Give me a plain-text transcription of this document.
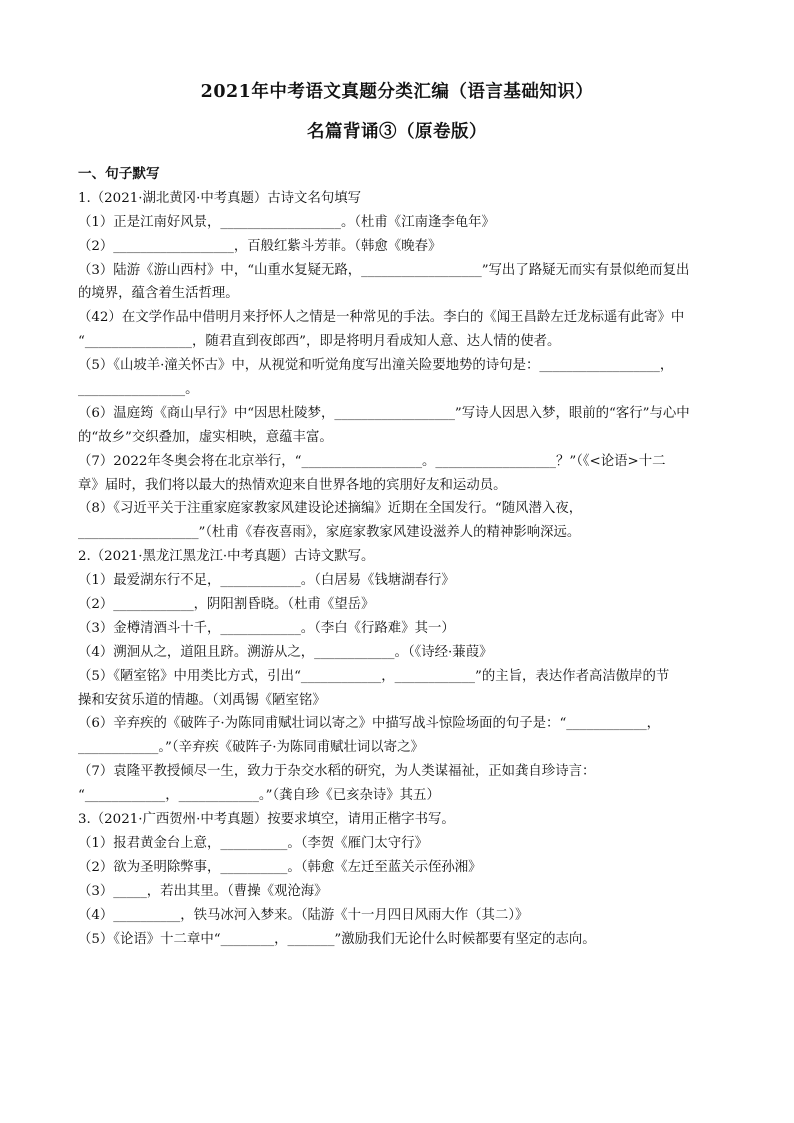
2021年中考语文真题分类汇编（语言基础知识）
名篇背诵③（原卷版）
一、句子默写
1.（2021·湖北黄冈·中考真题）古诗文名句填写
（1）正是江南好风景，__________________。（杜甫《江南逢李龟年》
（2）__________________，百般红紫斗芳菲。（韩愈《晚春》
（3）陆游《游山西村》中，“山重水复疑无路，__________________”写出了路疑无而实有景似绝而复出
的境界，蕴含着生活哲理。
（42）在文学作品中借明月来抒怀人之情是一种常见的手法。李白的《闻王昌龄左迁龙标遥有此寄》中
“________________，随君直到夜郎西”，即是将明月看成知人意、达人情的使者。
（5）《山坡羊·潼关怀古》中，从视觉和听觉角度写出潼关险要地势的诗句是：__________________，
________________。
（6）温庭筠《商山早行》中“因思杜陵梦，__________________”写诗人因思入梦，眼前的“客行”与心中
的“故乡”交织叠加，虚实相映，意蕴丰富。
（7）2022年冬奥会将在北京举行，“__________________。__________________？”（《<论语>十二
章》届时，我们将以最大的热情欢迎来自世界各地的宾朋好友和运动员。
（8）《习近平关于注重家庭家教家风建设论述摘编》近期在全国发行。“随风潜入夜，
__________________”（杜甫《春夜喜雨》，家庭家教家风建设滋养人的精神影响深远。
2.（2021·黑龙江黑龙江·中考真题）古诗文默写。
（1）最爱湖东行不足，____________。（白居易《钱塘湖春行》
（2）____________，阴阳割昏晓。（杜甫《望岳》
（3）金樽清酒斗十千，____________。（李白《行路难》其一）
（4）溯洄从之，道阻且跻。溯游从之，____________。（《诗经·蒹葭》
（5）《陋室铭》中用类比方式，引出“____________，____________”的主旨，表达作者高洁傲岸的节
操和安贫乐道的情趣。（刘禹锡《陋室铭》
（6）辛弃疾的《破阵子·为陈同甫赋壮词以寄之》中描写战斗惊险场面的句子是：“____________，
____________。”（辛弃疾《破阵子·为陈同甫赋壮词以寄之》
（7）袁隆平教授倾尽一生，致力于杂交水稻的研究，为人类谋福祉，正如龚自珍诗言：
“____________，____________。”（龚自珍《已亥杂诗》其五）
3.（2021·广西贺州·中考真题）按要求填空，请用正楷字书写。
（1）报君黄金台上意，__________。（李贺《雁门太守行》
（2）欲为圣明除弊事，__________。（韩愈《左迁至蓝关示侄孙湘》
（3）_____，若出其里。（曹操《观沧海》
（4）__________，铁马冰河入梦来。（陆游《十一月四日风雨大作（其二）》
（5）《论语》十二章中“________，_______”激励我们无论什么时候都要有坚定的志向。
